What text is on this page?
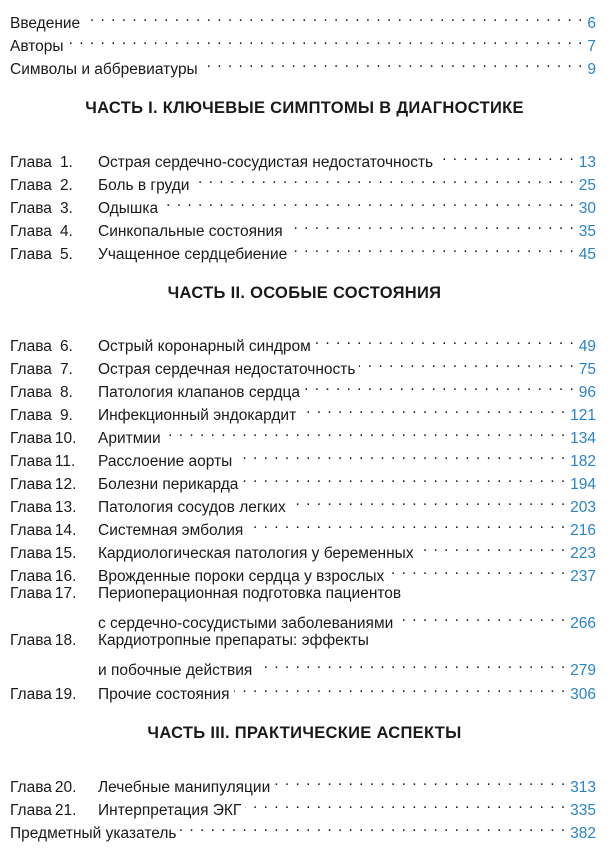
Введение . . .	6
Авторы . . .	7
Символы и аббревиатуры . . .	9
ЧАСТЬ I. КЛЮЧЕВЫЕ СИМПТОМЫ В ДИАГНОСТИКЕ
Глава 1.	Острая сердечно-сосудистая недостаточность . . .	13
Глава 2.	Боль в груди . . .	25
Глава 3.	Одышка . . .	30
Глава 4.	Синкопальные состояния . . .	35
Глава 5.	Учащенное сердцебиение . . .	45
ЧАСТЬ II. ОСОБЫЕ СОСТОЯНИЯ
Глава 6.	Острый коронарный синдром . . .	49
Глава 7.	Острая сердечная недостаточность . . .	75
Глава 8.	Патология клапанов сердца . . .	96
Глава 9.	Инфекционный эндокардит . . .	121
Глава 10.	Аритмии . . .	134
Глава 11.	Расслоение аорты . . .	182
Глава 12.	Болезни перикарда . . .	194
Глава 13.	Патология сосудов легких . . .	203
Глава 14.	Системная эмболия . . .	216
Глава 15.	Кардиологическая патология у беременных . . .	223
Глава 16.	Врожденные пороки сердца у взрослых . . .	237
Глава 17.	Периоперационная подготовка пациентов
с сердечно-сосудистыми заболеваниями . . .	266
Глава 18.	Кардиотропные препараты: эффекты
и побочные действия . . .	279
Глава 19.	Прочие состояния . . .	306
ЧАСТЬ III. ПРАКТИЧЕСКИЕ АСПЕКТЫ
Глава 20.	Лечебные манипуляции . . .	313
Глава 21.	Интерпретация ЭКГ . . .	335
Предметный указатель . . .	382
